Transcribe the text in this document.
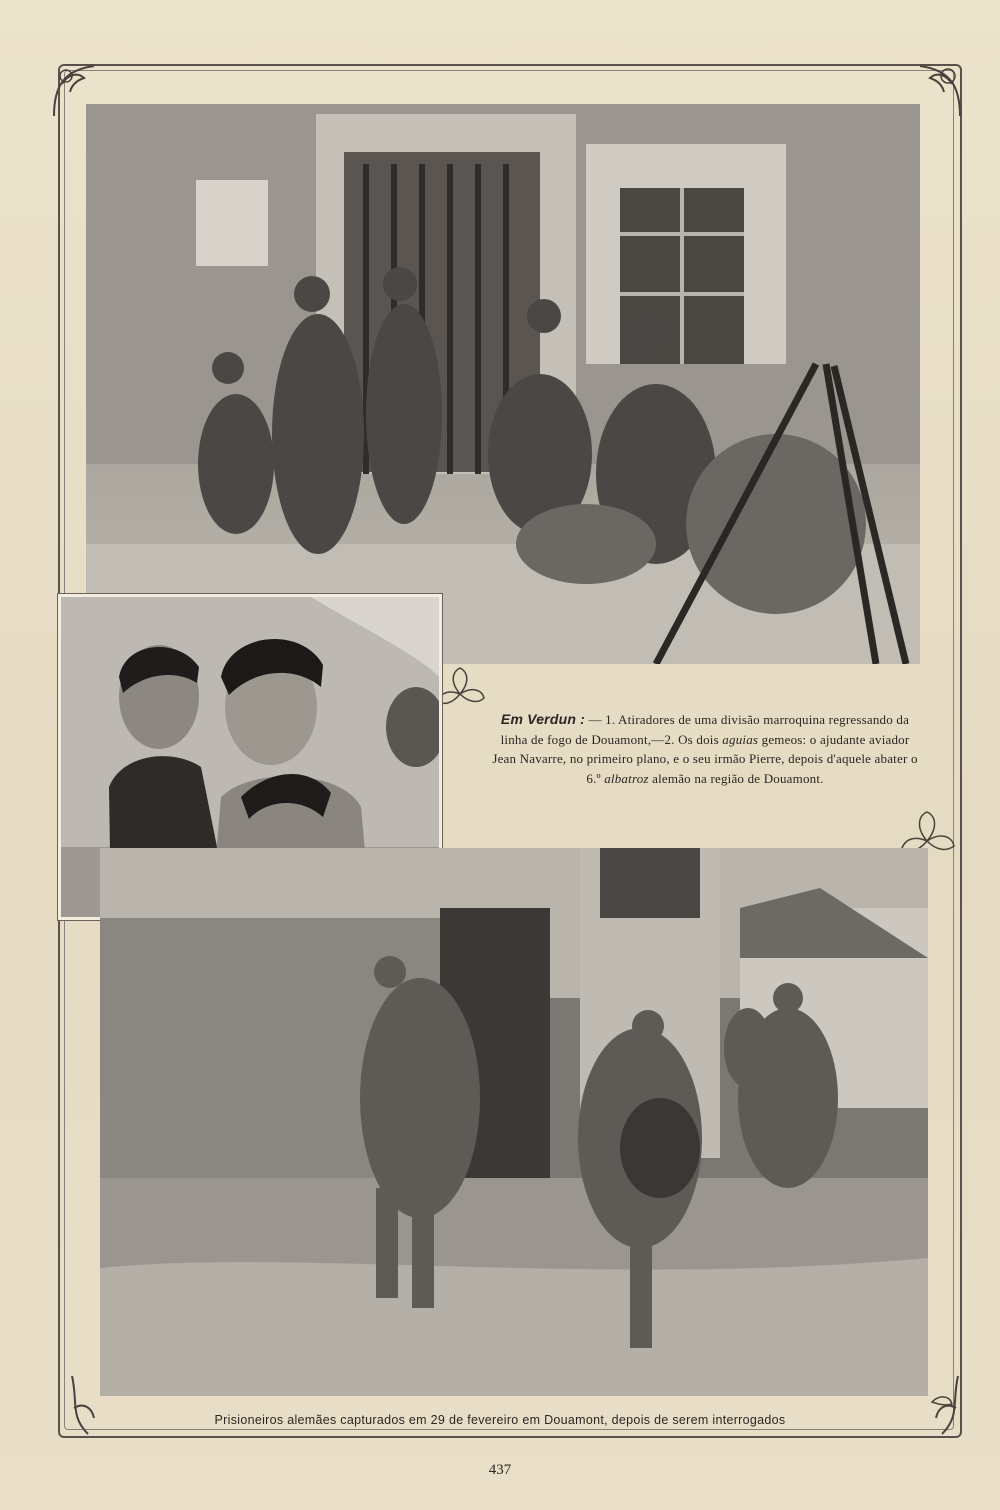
Em Verdun : — 1. Atiradores de uma divisão marroquina regressando da linha de fogo de Douamont,—2. Os dois aguias gemeos: o ajudante aviador Jean Navarre, no primeiro plano, e o seu irmão Pierre, depois d'aquele abater o 6.º albatroz alemão na região de Douamont.
Prisioneiros alemães capturados em 29 de fevereiro em Douamont, depois de serem interrogados
437
